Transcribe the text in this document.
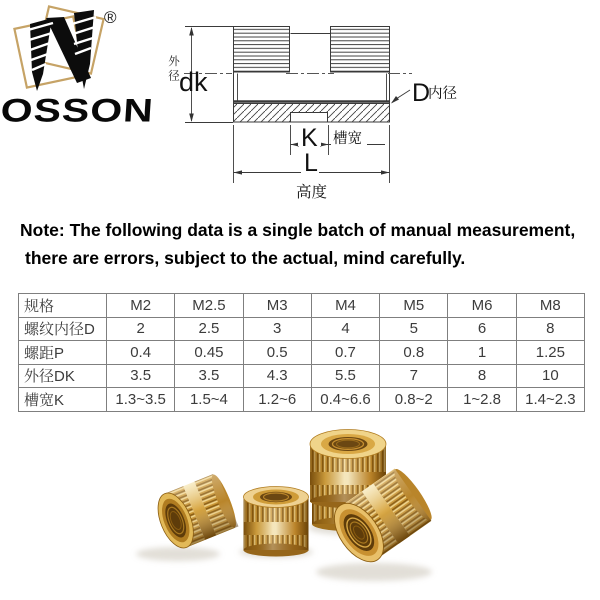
®
OSSON
外径 dk	D
内径
K 槽宽
L
高度
Note: The following data is a single batch of manual measurement,
there are errors, subject to the actual, mind carefully.
规格	M2	M2.5	M3	M4	M5	M6	M8
螺纹内径D	2	2.5	3	4	5	6	8
螺距P	0.4	0.45	0.5	0.7	0.8	1	1.25
外径DK	3.5	3.5	4.3	5.5	7	8	10
槽宽K	1.3~3.5	1.5~4	1.2~6	0.4~6.6	0.8~2	1~2.8	1.4~2.3
